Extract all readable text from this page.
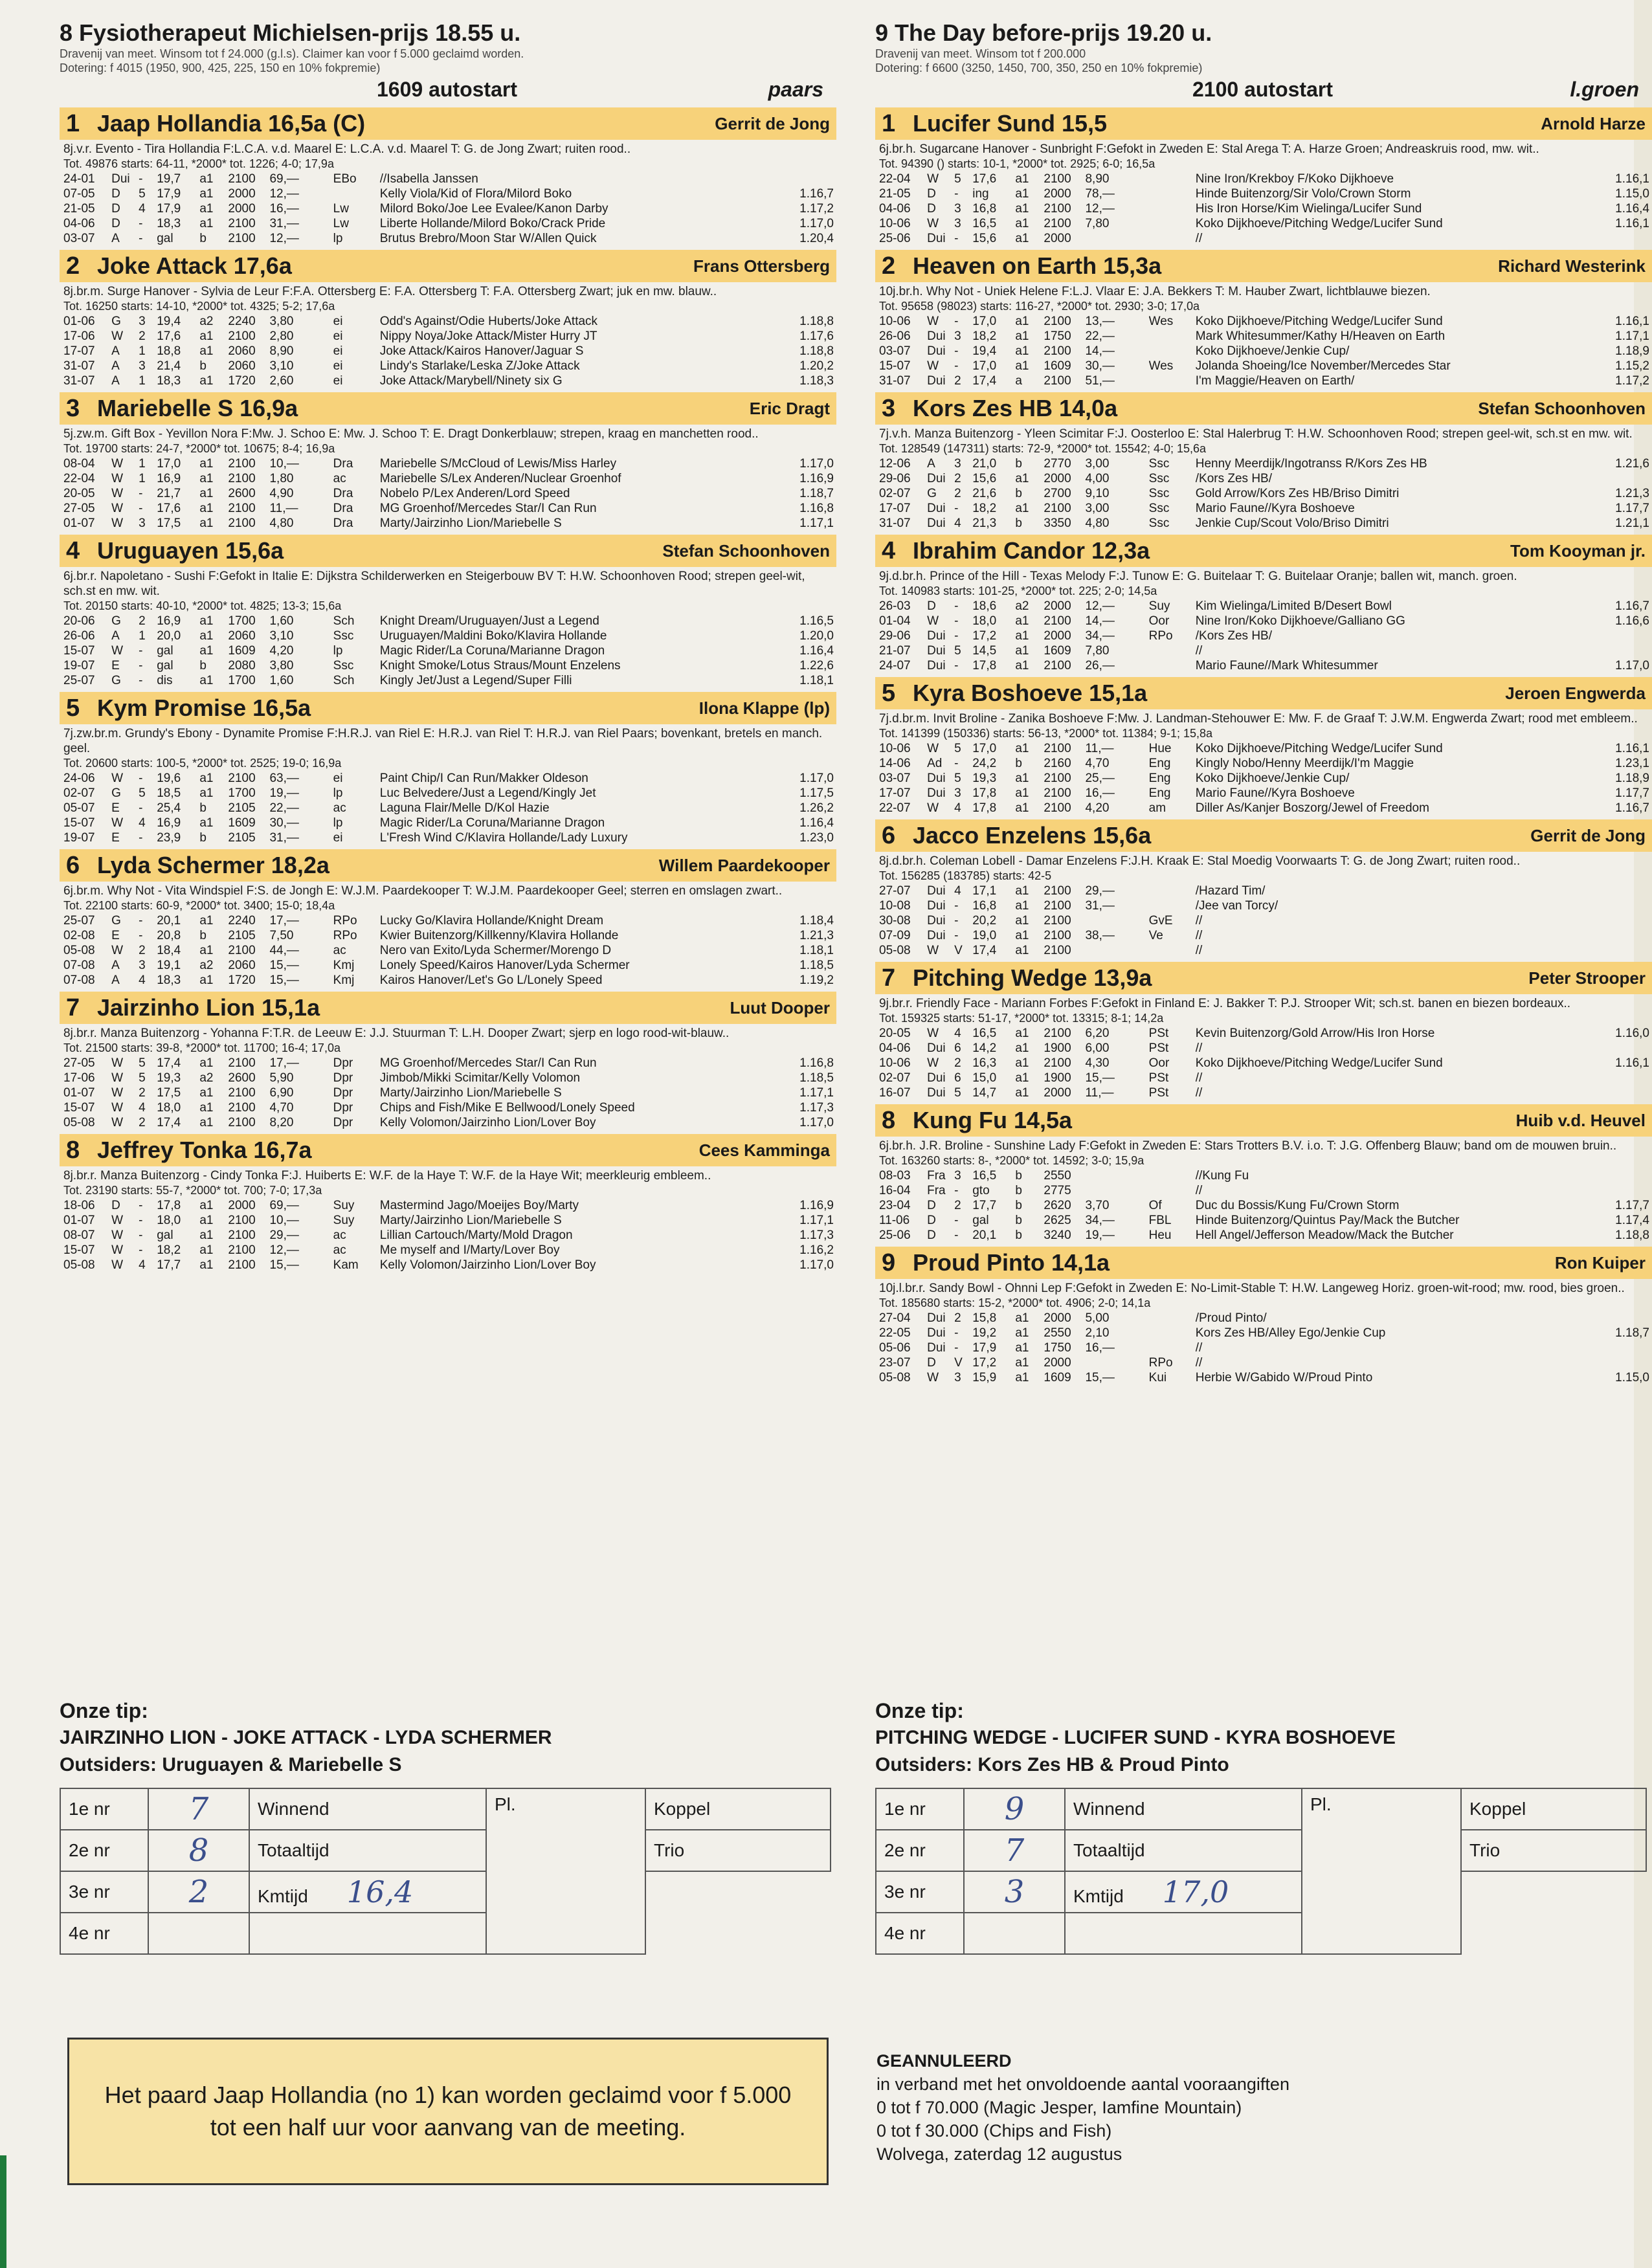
8 Fysiotherapeut Michielsen-prijs 18.55 u.
Dravenij van meet. Winsom tot f 24.000 (g.l.s). Claimer kan voor f 5.000 geclaimd worden.
Dotering: f 4015 (1950, 900, 425, 225, 150 en 10% fokpremie)
1609 autostart	paars
1 Jaap Hollandia 16,5a (C)	Gerrit de Jong
8j.v.r. Evento - Tira Hollandia F:L.C.A. v.d. Maarel E: L.C.A. v.d. Maarel T: G. de Jong Zwart; ruiten rood..
Tot. 49876 starts: 64-11, *2000* tot. 1226; 4-0; 17,9a
24-01	Dui	-	19,7	a1	2100	69,—	EBo	//Isabella Janssen	
07-05	D	5	17,9	a1	2000	12,—		Kelly Viola/Kid of Flora/Milord Boko	1.16,7
21-05	D	4	17,9	a1	2000	16,—	Lw	Milord Boko/Joe Lee Evalee/Kanon Darby	1.17,2
04-06	D	-	18,3	a1	2100	31,—	Lw	Liberte Hollande/Milord Boko/Crack Pride	1.17,0
03-07	A	-	gal	b	2100	12,—	lp	Brutus Brebro/Moon Star W/Allen Quick	1.20,4
2 Joke Attack 17,6a	Frans Ottersberg
8j.br.m. Surge Hanover - Sylvia de Leur F:F.A. Ottersberg E: F.A. Ottersberg T: F.A. Ottersberg Zwart; juk en mw. blauw..
Tot. 16250 starts: 14-10, *2000* tot. 4325; 5-2; 17,6a
01-06	G	3	19,4	a2	2240	3,80	ei	Odd's Against/Odie Huberts/Joke Attack	1.18,8
17-06	W	2	17,6	a1	2100	2,80	ei	Nippy Noya/Joke Attack/Mister Hurry JT	1.17,6
17-07	A	1	18,8	a1	2060	8,90	ei	Joke Attack/Kairos Hanover/Jaguar S	1.18,8
31-07	A	3	21,4	b	2060	3,10	ei	Lindy's Starlake/Leska Z/Joke Attack	1.20,2
31-07	A	1	18,3	a1	1720	2,60	ei	Joke Attack/Marybell/Ninety six G	1.18,3
3 Mariebelle S 16,9a	Eric Dragt
5j.zw.m. Gift Box - Yevillon Nora F:Mw. J. Schoo E: Mw. J. Schoo T: E. Dragt Donkerblauw; strepen, kraag en manchetten rood..
Tot. 19700 starts: 24-7, *2000* tot. 10675; 8-4; 16,9a
08-04	W	1	17,0	a1	2100	10,—	Dra	Mariebelle S/McCloud of Lewis/Miss Harley	1.17,0
22-04	W	1	16,9	a1	2100	1,80	ac	Mariebelle S/Lex Anderen/Nuclear Groenhof	1.16,9
20-05	W	-	21,7	a1	2600	4,90	Dra	Nobelo P/Lex Anderen/Lord Speed	1.18,7
27-05	W	-	17,6	a1	2100	11,—	Dra	MG Groenhof/Mercedes Star/I Can Run	1.16,8
01-07	W	3	17,5	a1	2100	4,80	Dra	Marty/Jairzinho Lion/Mariebelle S	1.17,1
4 Uruguayen 15,6a	Stefan Schoonhoven
6j.br.r. Napoletano - Sushi F:Gefokt in Italie E: Dijkstra Schilderwerken en Steigerbouw BV T: H.W. Schoonhoven Rood; strepen geel-wit, sch.st en mw. wit.
Tot. 20150 starts: 40-10, *2000* tot. 4825; 13-3; 15,6a
20-06	G	2	16,9	a1	1700	1,60	Sch	Knight Dream/Uruguayen/Just a Legend	1.16,5
26-06	A	1	20,0	a1	2060	3,10	Ssc	Uruguayen/Maldini Boko/Klavira Hollande	1.20,0
15-07	W	-	gal	a1	1609	4,20	lp	Magic Rider/La Coruna/Marianne Dragon	1.16,4
19-07	E	-	gal	b	2080	3,80	Ssc	Knight Smoke/Lotus Straus/Mount Enzelens	1.22,6
25-07	G	-	dis	a1	1700	1,60	Sch	Kingly Jet/Just a Legend/Super Filli	1.18,1
5 Kym Promise 16,5a	Ilona Klappe (lp)
7j.zw.br.m. Grundy's Ebony - Dynamite Promise F:H.R.J. van Riel E: H.R.J. van Riel T: H.R.J. van Riel Paars; bovenkant, bretels en manch. geel.
Tot. 20600 starts: 100-5, *2000* tot. 2525; 19-0; 16,9a
24-06	W	-	19,6	a1	2100	63,—	ei	Paint Chip/I Can Run/Makker Oldeson	1.17,0
02-07	G	5	18,5	a1	1700	19,—	lp	Luc Belvedere/Just a Legend/Kingly Jet	1.17,5
05-07	E	-	25,4	b	2105	22,—	ac	Laguna Flair/Melle D/Kol Hazie	1.26,2
15-07	W	4	16,9	a1	1609	30,—	lp	Magic Rider/La Coruna/Marianne Dragon	1.16,4
19-07	E	-	23,9	b	2105	31,—	ei	L'Fresh Wind C/Klavira Hollande/Lady Luxury	1.23,0
6 Lyda Schermer 18,2a	Willem Paardekooper
6j.br.m. Why Not - Vita Windspiel F:S. de Jongh E: W.J.M. Paardekooper T: W.J.M. Paardekooper Geel; sterren en omslagen zwart..
Tot. 22100 starts: 60-9, *2000* tot. 3400; 15-0; 18,4a
25-07	G	-	20,1	a1	2240	17,—	RPo	Lucky Go/Klavira Hollande/Knight Dream	1.18,4
02-08	E	-	20,8	b	2105	7,50	RPo	Kwier Buitenzorg/Killkenny/Klavira Hollande	1.21,3
05-08	W	2	18,4	a1	2100	44,—	ac	Nero van Exito/Lyda Schermer/Morengo D	1.18,1
07-08	A	3	19,1	a2	2060	15,—	Kmj	Lonely Speed/Kairos Hanover/Lyda Schermer	1.18,5
07-08	A	4	18,3	a1	1720	15,—	Kmj	Kairos Hanover/Let's Go L/Lonely Speed	1.19,2
7 Jairzinho Lion 15,1a	Luut Dooper
8j.br.r. Manza Buitenzorg - Yohanna F:T.R. de Leeuw E: J.J. Stuurman T: L.H. Dooper Zwart; sjerp en logo rood-wit-blauw..
Tot. 21500 starts: 39-8, *2000* tot. 11700; 16-4; 17,0a
27-05	W	5	17,4	a1	2100	17,—	Dpr	MG Groenhof/Mercedes Star/I Can Run	1.16,8
17-06	W	5	19,3	a2	2600	5,90	Dpr	Jimbob/Mikki Scimitar/Kelly Volomon	1.18,5
01-07	W	2	17,5	a1	2100	6,90	Dpr	Marty/Jairzinho Lion/Mariebelle S	1.17,1
15-07	W	4	18,0	a1	2100	4,70	Dpr	Chips and Fish/Mike E Bellwood/Lonely Speed	1.17,3
05-08	W	2	17,4	a1	2100	8,20	Dpr	Kelly Volomon/Jairzinho Lion/Lover Boy	1.17,0
8 Jeffrey Tonka 16,7a	Cees Kamminga
8j.br.r. Manza Buitenzorg - Cindy Tonka F:J. Huiberts E: W.F. de la Haye T: W.F. de la Haye Wit; meerkleurig embleem..
Tot. 23190 starts: 55-7, *2000* tot. 700; 7-0; 17,3a
18-06	D	-	17,8	a1	2000	69,—	Suy	Mastermind Jago/Moeijes Boy/Marty	1.16,9
01-07	W	-	18,0	a1	2100	10,—	Suy	Marty/Jairzinho Lion/Mariebelle S	1.17,1
08-07	W	-	gal	a1	2100	29,—	ac	Lillian Cartouch/Marty/Mold Dragon	1.17,3
15-07	W	-	18,2	a1	2100	12,—	ac	Me myself and I/Marty/Lover Boy	1.16,2
05-08	W	4	17,7	a1	2100	15,—	Kam	Kelly Volomon/Jairzinho Lion/Lover Boy	1.17,0
9 The Day before-prijs 19.20 u.
Dravenij van meet. Winsom tot f 200.000
Dotering: f 6600 (3250, 1450, 700, 350, 250 en 10% fokpremie)
2100 autostart	l.groen
1 Lucifer Sund 15,5	Arnold Harze
6j.br.h. Sugarcane Hanover - Sunbright F:Gefokt in Zweden E: Stal Arega T: A. Harze Groen; Andreaskruis rood, mw. wit..
Tot. 94390 () starts: 10-1, *2000* tot. 2925; 6-0; 16,5a
22-04	W	5	17,6	a1	2100	8,90		Nine Iron/Krekboy F/Koko Dijkhoeve	1.16,1
21-05	D	-	ing	a1	2000	78,—		Hinde Buitenzorg/Sir Volo/Crown Storm	1.15,0
04-06	D	3	16,8	a1	2100	12,—		His Iron Horse/Kim Wielinga/Lucifer Sund	1.16,4
10-06	W	3	16,5	a1	2100	7,80		Koko Dijkhoeve/Pitching Wedge/Lucifer Sund	1.16,1
25-06	Dui	-	15,6	a1	2000			//	
2 Heaven on Earth 15,3a	Richard Westerink
10j.br.h. Why Not - Uniek Helene F:L.J. Vlaar E: J.A. Bekkers T: M. Hauber Zwart, lichtblauwe biezen.
Tot. 95658 (98023) starts: 116-27, *2000* tot. 2930; 3-0; 17,0a
10-06	W	-	17,0	a1	2100	13,—	Wes	Koko Dijkhoeve/Pitching Wedge/Lucifer Sund	1.16,1
26-06	Dui	3	18,2	a1	1750	22,—		Mark Whitesummer/Kathy H/Heaven on Earth	1.17,1
03-07	Dui	-	19,4	a1	2100	14,—		Koko Dijkhoeve/Jenkie Cup/	1.18,9
15-07	W	-	17,0	a1	1609	30,—	Wes	Jolanda Shoeing/Ice November/Mercedes Star	1.15,2
31-07	Dui	2	17,4	a	2100	51,—		I'm Maggie/Heaven on Earth/	1.17,2
3 Kors Zes HB 14,0a	Stefan Schoonhoven
7j.v.h. Manza Buitenzorg - Yleen Scimitar F:J. Oosterloo E: Stal Halerbrug T: H.W. Schoonhoven Rood; strepen geel-wit, sch.st en mw. wit.
Tot. 128549 (147311) starts: 72-9, *2000* tot. 15542; 4-0; 15,6a
12-06	A	3	21,0	b	2770	3,00	Ssc	Henny Meerdijk/Ingotranss R/Kors Zes HB	1.21,6
29-06	Dui	2	15,6	a1	2000	4,00	Ssc	/Kors Zes HB/	
02-07	G	2	21,6	b	2700	9,10	Ssc	Gold Arrow/Kors Zes HB/Briso Dimitri	1.21,3
17-07	Dui	-	18,2	a1	2100	3,00	Ssc	Mario Faune//Kyra Boshoeve	1.17,7
31-07	Dui	4	21,3	b	3350	4,80	Ssc	Jenkie Cup/Scout Volo/Briso Dimitri	1.21,1
4 Ibrahim Candor 12,3a	Tom Kooyman jr.
9j.d.br.h. Prince of the Hill - Texas Melody F:J. Tunow E: G. Buitelaar T: G. Buitelaar Oranje; ballen wit, manch. groen.
Tot. 140983 starts: 101-25, *2000* tot. 225; 2-0; 14,5a
26-03	D	-	18,6	a2	2000	12,—	Suy	Kim Wielinga/Limited B/Desert Bowl	1.16,7
01-04	W	-	18,0	a1	2100	14,—	Oor	Nine Iron/Koko Dijkhoeve/Galliano GG	1.16,6
29-06	Dui	-	17,2	a1	2000	34,—	RPo	/Kors Zes HB/	
21-07	Dui	5	14,5	a1	1609	7,80		//	
24-07	Dui	-	17,8	a1	2100	26,—		Mario Faune//Mark Whitesummer	1.17,0
5 Kyra Boshoeve 15,1a	Jeroen Engwerda
7j.d.br.m. Invit Broline - Zanika Boshoeve F:Mw. J. Landman-Stehouwer E: Mw. F. de Graaf T: J.W.M. Engwerda Zwart; rood met embleem..
Tot. 141399 (150336) starts: 56-13, *2000* tot. 11384; 9-1; 15,8a
10-06	W	5	17,0	a1	2100	11,—	Hue	Koko Dijkhoeve/Pitching Wedge/Lucifer Sund	1.16,1
14-06	Ad	-	24,2	b	2160	4,70	Eng	Kingly Nobo/Henny Meerdijk/I'm Maggie	1.23,1
03-07	Dui	5	19,3	a1	2100	25,—	Eng	Koko Dijkhoeve/Jenkie Cup/	1.18,9
17-07	Dui	3	17,8	a1	2100	16,—	Eng	Mario Faune//Kyra Boshoeve	1.17,7
22-07	W	4	17,8	a1	2100	4,20	am	Diller As/Kanjer Boszorg/Jewel of Freedom	1.16,7
6 Jacco Enzelens 15,6a	Gerrit de Jong
8j.d.br.h. Coleman Lobell - Damar Enzelens F:J.H. Kraak E: Stal Moedig Voorwaarts T: G. de Jong Zwart; ruiten rood..
Tot. 156285 (183785) starts: 42-5
27-07	Dui	4	17,1	a1	2100	29,—		/Hazard Tim/	
10-08	Dui	-	16,8	a1	2100	31,—		/Jee van Torcy/	
30-08	Dui	-	20,2	a1	2100		GvE	//	
07-09	Dui	-	19,0	a1	2100	38,—	Ve	//	
05-08	W	V	17,4	a1	2100			//	
7 Pitching Wedge 13,9a	Peter Strooper
9j.br.r. Friendly Face - Mariann Forbes F:Gefokt in Finland E: J. Bakker T: P.J. Strooper Wit; sch.st. banen en biezen bordeaux..
Tot. 159325 starts: 51-17, *2000* tot. 13315; 8-1; 14,2a
20-05	W	4	16,5	a1	2100	6,20	PSt	Kevin Buitenzorg/Gold Arrow/His Iron Horse	1.16,0
04-06	Dui	6	14,2	a1	1900	6,00	PSt	//	
10-06	W	2	16,3	a1	2100	4,30	Oor	Koko Dijkhoeve/Pitching Wedge/Lucifer Sund	1.16,1
02-07	Dui	6	15,0	a1	1900	15,—	PSt	//	
16-07	Dui	5	14,7	a1	2000	11,—	PSt	//	
8 Kung Fu 14,5a	Huib v.d. Heuvel
6j.br.h. J.R. Broline - Sunshine Lady F:Gefokt in Zweden E: Stars Trotters B.V. i.o. T: J.G. Offenberg Blauw; band om de mouwen bruin..
Tot. 163260 starts: 8-, *2000* tot. 14592; 3-0; 15,9a
08-03	Fra	3	16,5	b	2550			//Kung Fu	
16-04	Fra	-	gto	b	2775			//	
23-04	D	2	17,7	b	2620	3,70	Of	Duc du Bossis/Kung Fu/Crown Storm	1.17,7
11-06	D	-	gal	b	2625	34,—	FBL	Hinde Buitenzorg/Quintus Pay/Mack the Butcher	1.17,4
25-06	D	-	20,1	b	3240	19,—	Heu	Hell Angel/Jefferson Meadow/Mack the Butcher	1.18,8
9 Proud Pinto 14,1a	Ron Kuiper
10j.l.br.r. Sandy Bowl - Ohnni Lep F:Gefokt in Zweden E: No-Limit-Stable T: H.W. Langeweg Horiz. groen-wit-rood; mw. rood, bies groen..
Tot. 185680 starts: 15-2, *2000* tot. 4906; 2-0; 14,1a
27-04	Dui	2	15,8	a1	2000	5,00		/Proud Pinto/	
22-05	Dui	-	19,2	a1	2550	2,10		Kors Zes HB/Alley Ego/Jenkie Cup	1.18,7
05-06	Dui	-	17,9	a1	1750	16,—		//	
23-07	D	V	17,2	a1	2000		RPo	//	
05-08	W	3	15,9	a1	1609	15,—	Kui	Herbie W/Gabido W/Proud Pinto	1.15,0
Onze tip:
JAIRZINHO LION - JOKE ATTACK - LYDA SCHERMER
Outsiders: Uruguayen & Mariebelle S
1e nr	7	Winnend	Pl.	Koppel
2e nr	8	Totaaltijd		Trio
3e nr	2	Kmtijd 16,4		
4e nr				
Onze tip:
PITCHING WEDGE - LUCIFER SUND - KYRA BOSHOEVE
Outsiders: Kors Zes HB & Proud Pinto
1e nr	9	Winnend	Pl.	Koppel
2e nr	7	Totaaltijd		Trio
3e nr	3	Kmtijd 17,0		
4e nr				
Het paard Jaap Hollandia (no 1) kan worden geclaimd voor f 5.000 tot een half uur voor aanvang van de meeting.
GEANNULEERD
in verband met het onvoldoende aantal vooraangiften
0 tot f 70.000 (Magic Jesper, Iamfine Mountain)
0 tot f 30.000 (Chips and Fish)
Wolvega, zaterdag 12 augustus
